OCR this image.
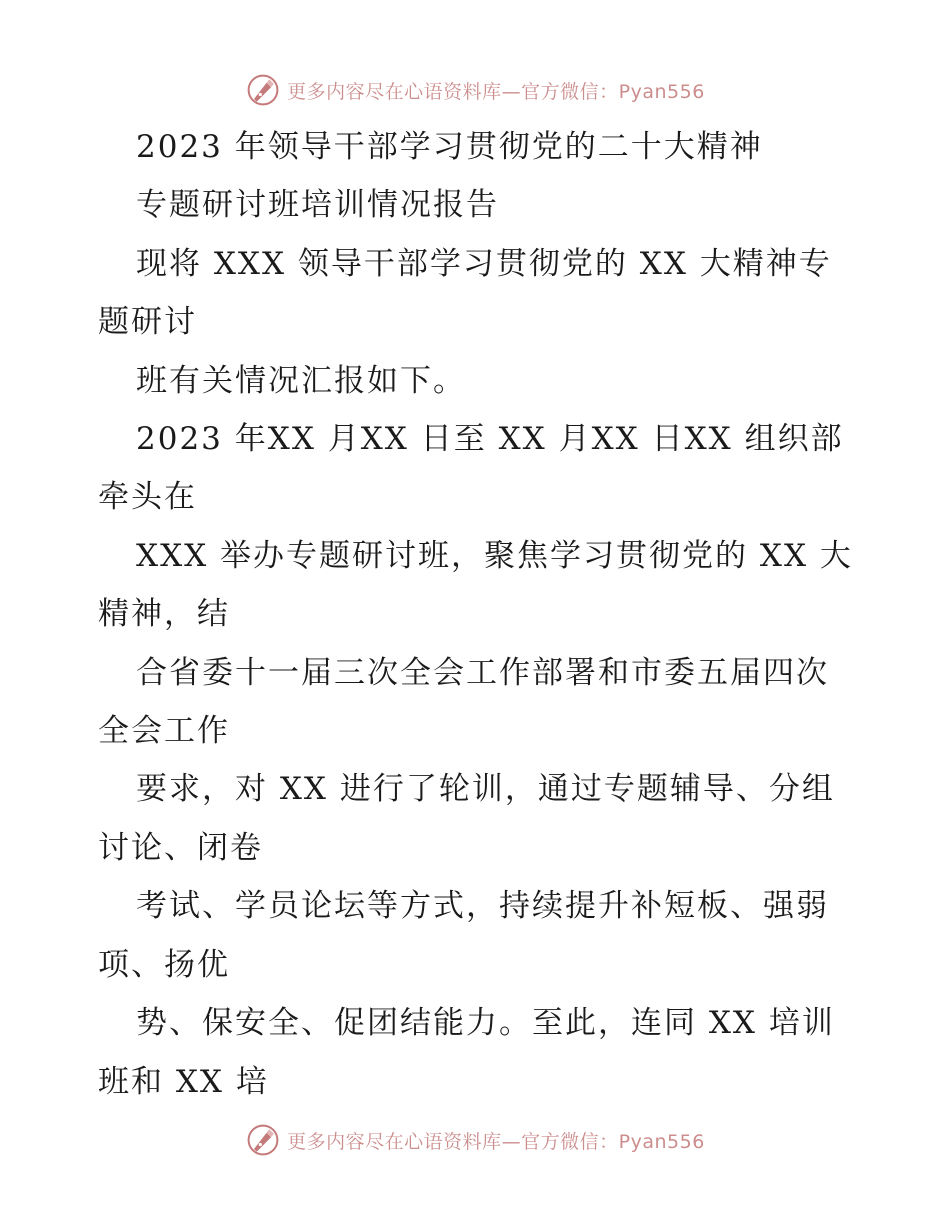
更多内容尽在心语资料库—官方微信：Pyan556

2023 年领导干部学习贯彻党的二十大精神

专题研讨班培训情况报告

现将 XXX 领导干部学习贯彻党的 XX 大精神专

题研讨

班有关情况汇报如下。

2023 年XX 月XX 日至 XX 月XX 日XX 组织部

牵头在

XXX 举办专题研讨班，聚焦学习贯彻党的 XX 大

精神，结

合省委十一届三次全会工作部署和市委五届四次

全会工作

要求，对 XX 进行了轮训，通过专题辅导、分组

讨论、闭卷

考试、学员论坛等方式，持续提升补短板、强弱

项、扬优

势、保安全、促团结能力。至此，连同 XX 培训

班和 XX 培

更多内容尽在心语资料库—官方微信：Pyan556
